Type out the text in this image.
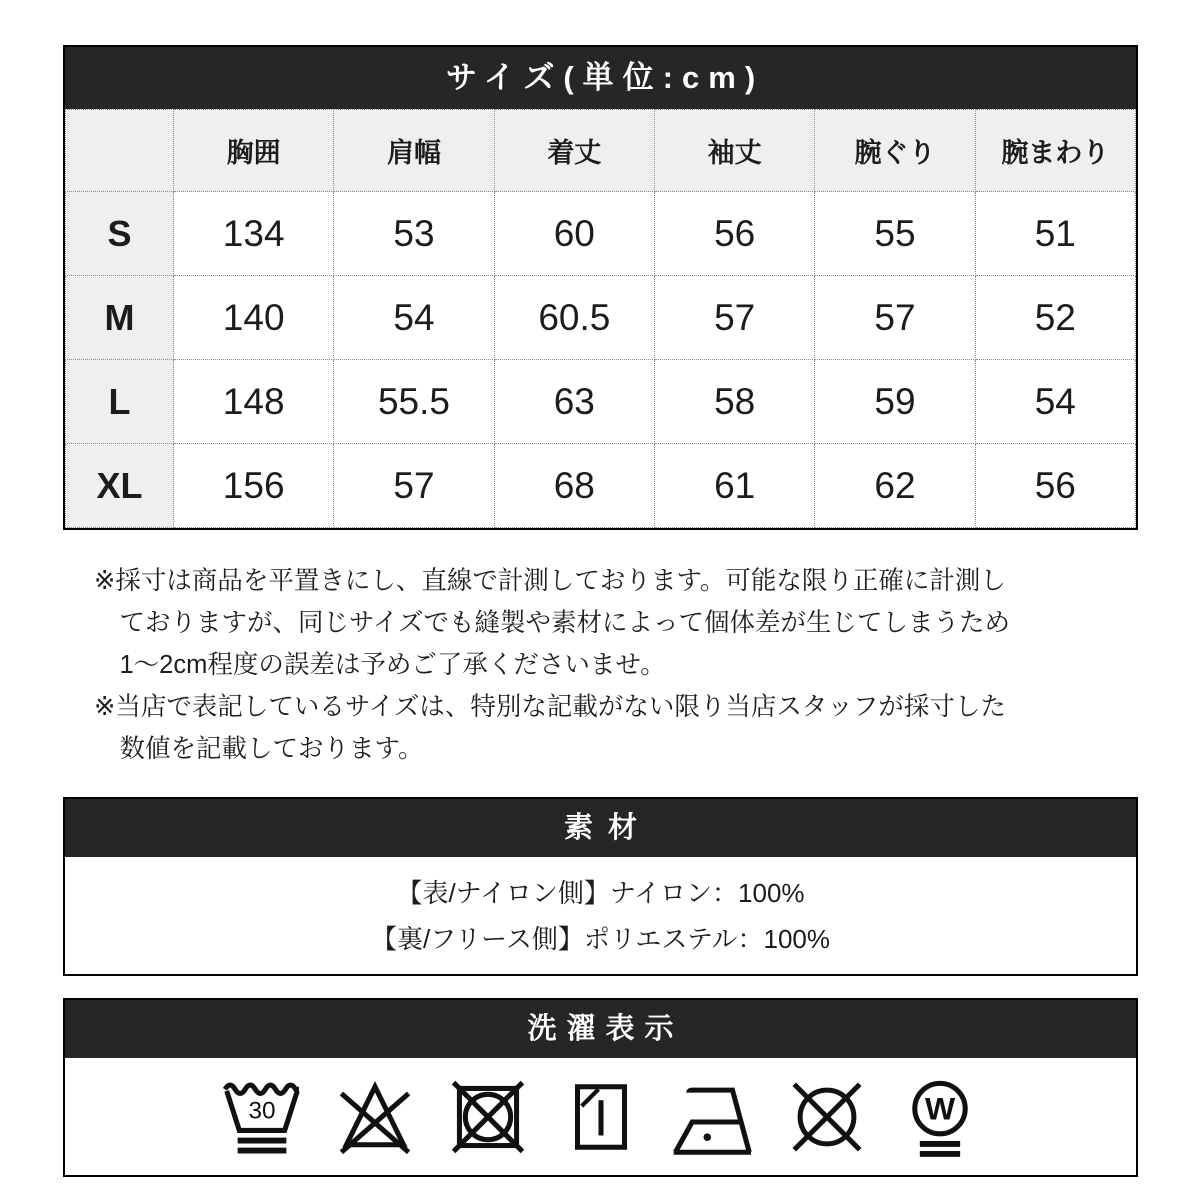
サイズ(単位:cm)
	胸囲	肩幅	着丈	袖丈	腕ぐり	腕まわり
S	134	53	60	56	55	51
M	140	54	60.5	57	57	52
L	148	55.5	63	58	59	54
XL	156	57	68	61	62	56

※採寸は商品を平置きにし、直線で計測しております。可能な限り正確に計測しておりますが、同じサイズでも縫製や素材によって個体差が生じてしまうため1〜2cm程度の誤差は予めご了承くださいませ。

※当店で表記しているサイズは、特別な記載がない限り当店スタッフが採寸した数値を記載しております。

素材

【表/ナイロン側】ナイロン：100%

【裏/フリース側】ポリエステル：100%

洗濯表示
30	W
